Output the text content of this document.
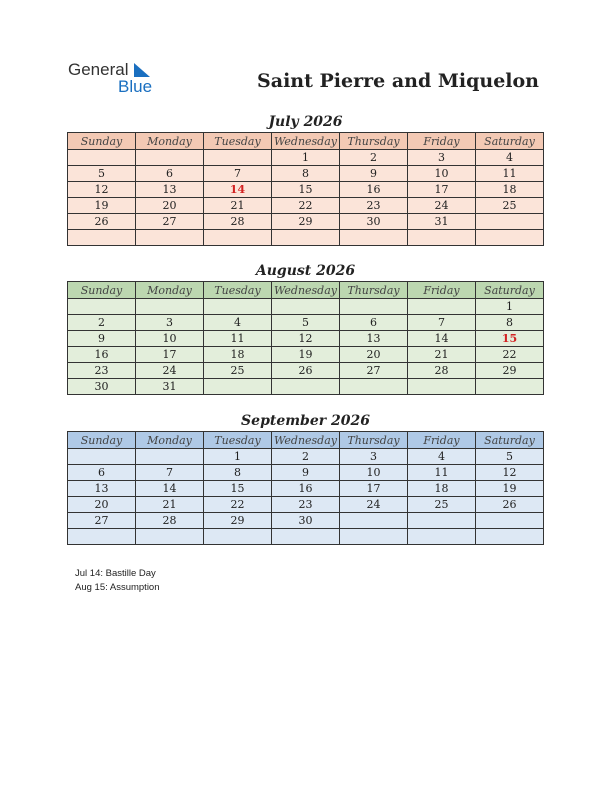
General
Blue	Saint Pierre and Miquelon
July 2026
Sunday	Monday	Tuesday	Wednesday	Thursday	Friday	Saturday
			1	2	3	4
5	6	7	8	9	10	11
12	13	14	15	16	17	18
19	20	21	22	23	24	25
26	27	28	29	30	31	

August 2026
Sunday	Monday	Tuesday	Wednesday	Thursday	Friday	Saturday
						1
2	3	4	5	6	7	8
9	10	11	12	13	14	15
16	17	18	19	20	21	22
23	24	25	26	27	28	29
30	31					
September 2026
Sunday	Monday	Tuesday	Wednesday	Thursday	Friday	Saturday
		1	2	3	4	5
6	7	8	9	10	11	12
13	14	15	16	17	18	19
20	21	22	23	24	25	26
27	28	29	30			

Jul 14: Bastille Day
Aug 15: Assumption
